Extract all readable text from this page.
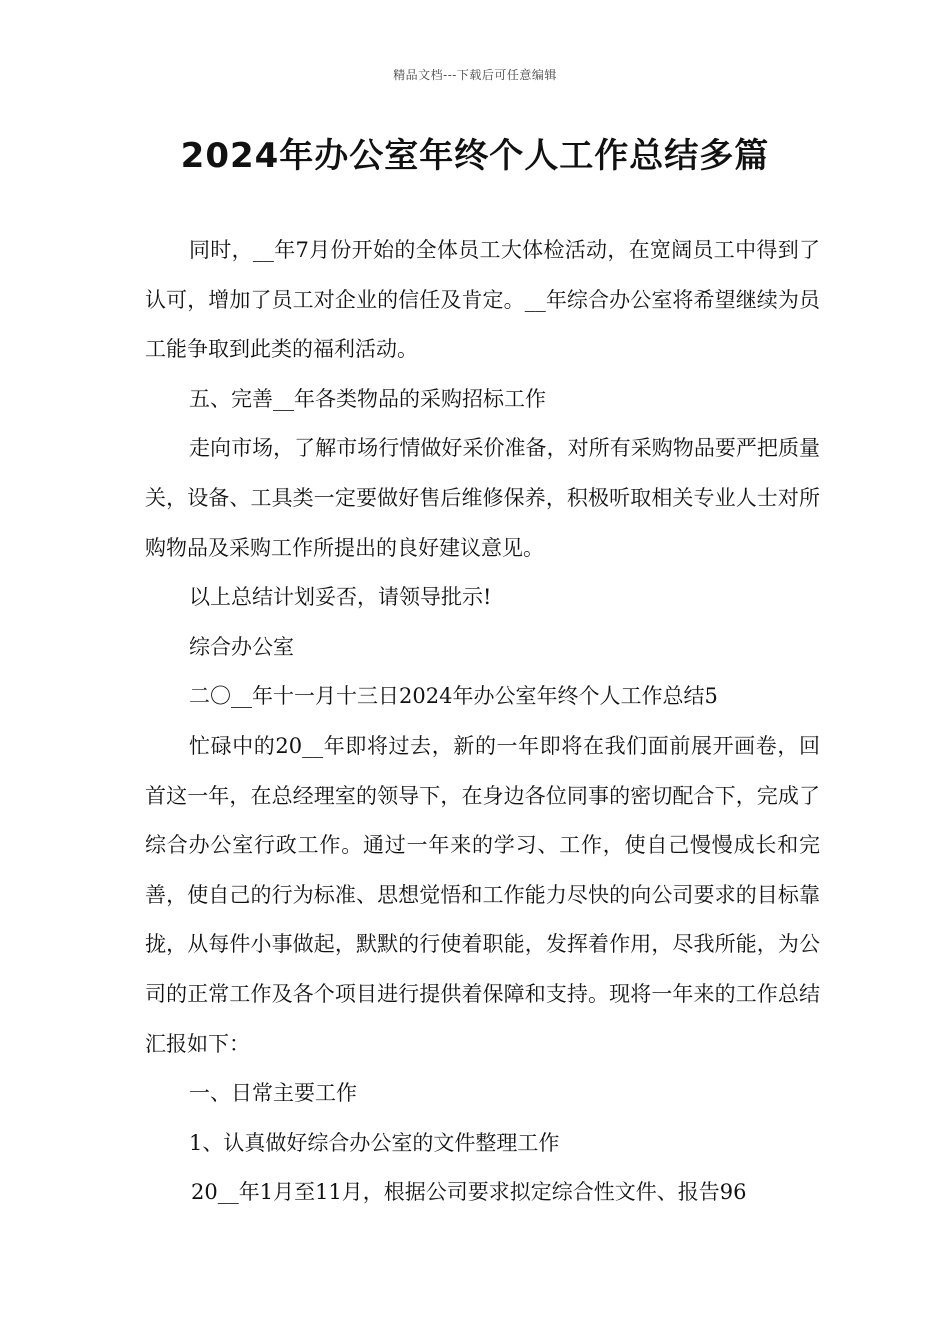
精品文档---下载后可任意编辑
2024年办公室年终个人工作总结多篇

同时，__年7月份开始的全体员工大体检活动，在宽阔员工中得到了认可，增加了员工对企业的信任及肯定。__年综合办公室将希望继续为员工能争取到此类的福利活动。

五、完善__年各类物品的采购招标工作

走向市场，了解市场行情做好采价准备，对所有采购物品要严把质量关，设备、工具类一定要做好售后维修保养，积极听取相关专业人士对所购物品及采购工作所提出的良好建议意见。

以上总结计划妥否，请领导批示!

综合办公室

二〇__年十一月十三日2024年办公室年终个人工作总结5

忙碌中的20__年即将过去，新的一年即将在我们面前展开画卷，回首这一年，在总经理室的领导下，在身边各位同事的密切配合下，完成了综合办公室行政工作。通过一年来的学习、工作，使自己慢慢成长和完善，使自己的行为标准、思想觉悟和工作能力尽快的向公司要求的目标靠拢，从每件小事做起，默默的行使着职能，发挥着作用，尽我所能，为公司的正常工作及各个项目进行提供着保障和支持。现将一年来的工作总结汇报如下：

一、日常主要工作

1、认真做好综合办公室的文件整理工作

20__年1月至11月，根据公司要求拟定综合性文件、报告96
